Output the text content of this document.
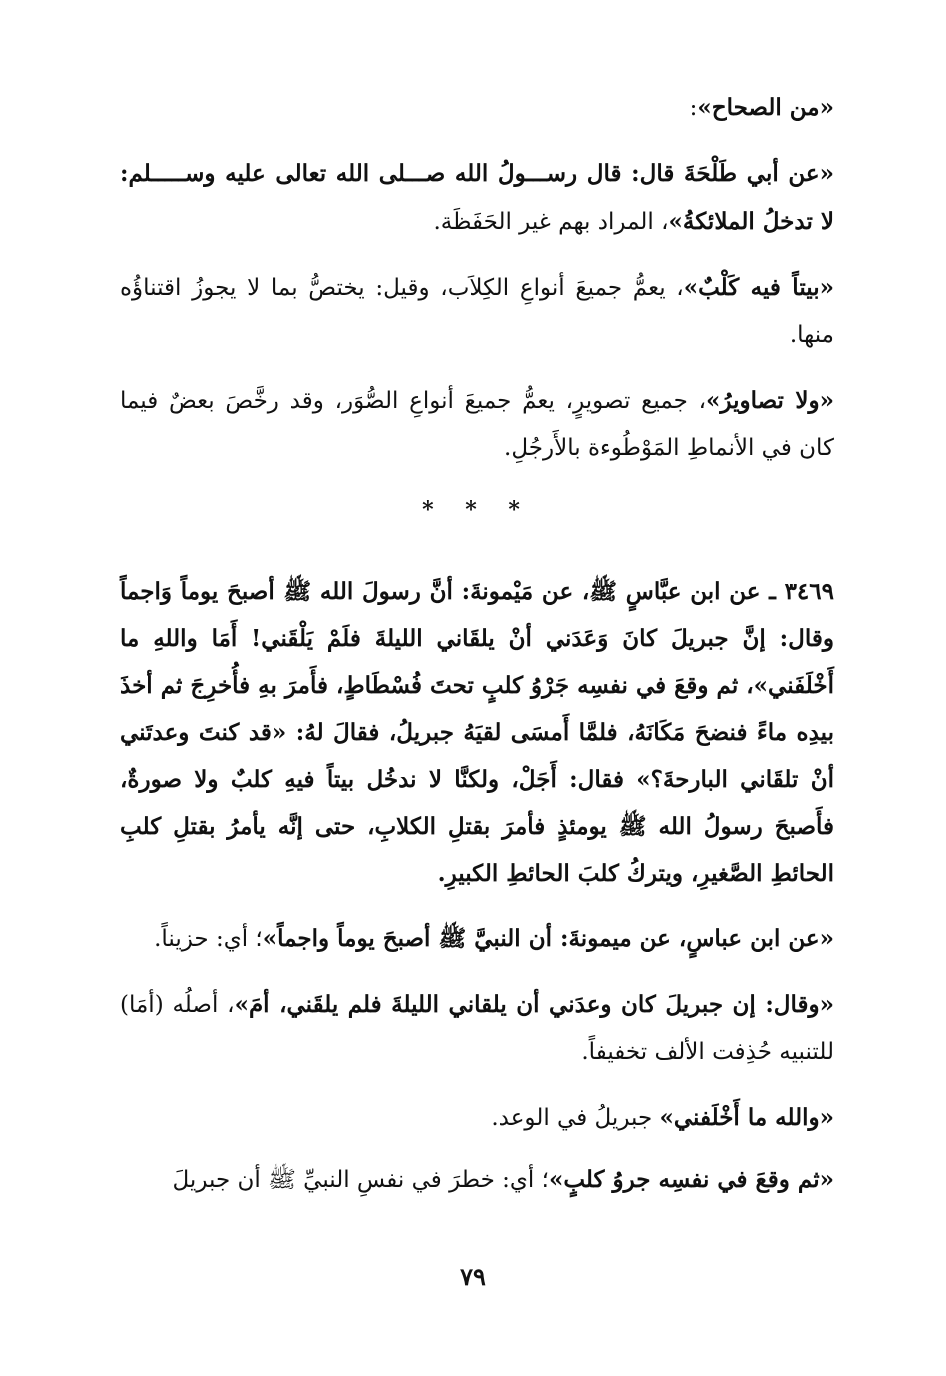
«من الصحاح»:

«عن أبي طَلْحَةَ قال: قال رســـولُ الله صـــلى الله تعالى عليه وســـــلم: لا تدخلُ الملائكةُ»، المراد بهم غير الحَفَظَة.

«بيتاً فيه كَلْبٌ»، يعمُّ جميعَ أنواعِ الكِلاَب، وقيل: يختصُّ بما لا يجوزُ اقتناؤُه منها.

«ولا تصاويرُ»، جميع تصويرٍ، يعمُّ جميعَ أنواعِ الصُّوَر، وقد رخَّصَ بعضٌ فيما كان في الأنماطِ المَوْطُوءة بالأَرجُلِ.

* * *

٣٤٦٩ ـ عن ابن عبَّاسٍ ﷺ، عن مَيْمونةَ: أنَّ رسولَ الله ﷺ أصبحَ يوماً وَاجماً وقال: إنَّ جبريلَ كانَ وَعَدَني أنْ يلقَاني الليلةَ فلَمْ يَلْقَني! أَمَا واللهِ ما أَخْلَفَني»، ثم وقعَ في نفسِه جَرْوُ كلبٍ تحتَ فُسْطَاطٍ، فأَمرَ بهِ فأُخرِجَ ثم أخذَ بيدِه ماءً فنضحَ مَكَانَهُ، فلمَّا أَمسَى لقيَهُ جبريلُ، فقالَ لهُ: «قد كنتَ وعدتَني أنْ تلقَاني البارحةَ؟» فقال: أَجَلْ، ولكنَّا لا ندخُل بيتاً فيهِ كلبٌ ولا صورةٌ، فأَصبحَ رسولُ الله ﷺ يومئذٍ فأمرَ بقتلِ الكلابِ، حتى إنَّه يأمرُ بقتلِ كلبِ الحائطِ الصَّغيرِ، ويتركُ كلبَ الحائطِ الكبيرِ.

«عن ابن عباسٍ، عن ميمونةَ: أن النبيَّ ﷺ أصبحَ يوماً واجماً»؛ أي: حزيناً.

«وقال: إن جبريلَ كان وعدَني أن يلقاني الليلةَ فلم يلقَني، أمَ»، أصلُه (أمَا) للتنبيه حُذِفت الألف تخفيفاً.

«والله ما أَخْلَفني» جبريلُ في الوعد.

«ثم وقعَ في نفسِه جروُ كلبٍ»؛ أي: خطرَ في نفسِ النبيِّ ﷺ أن جبريلَ

٧٩
